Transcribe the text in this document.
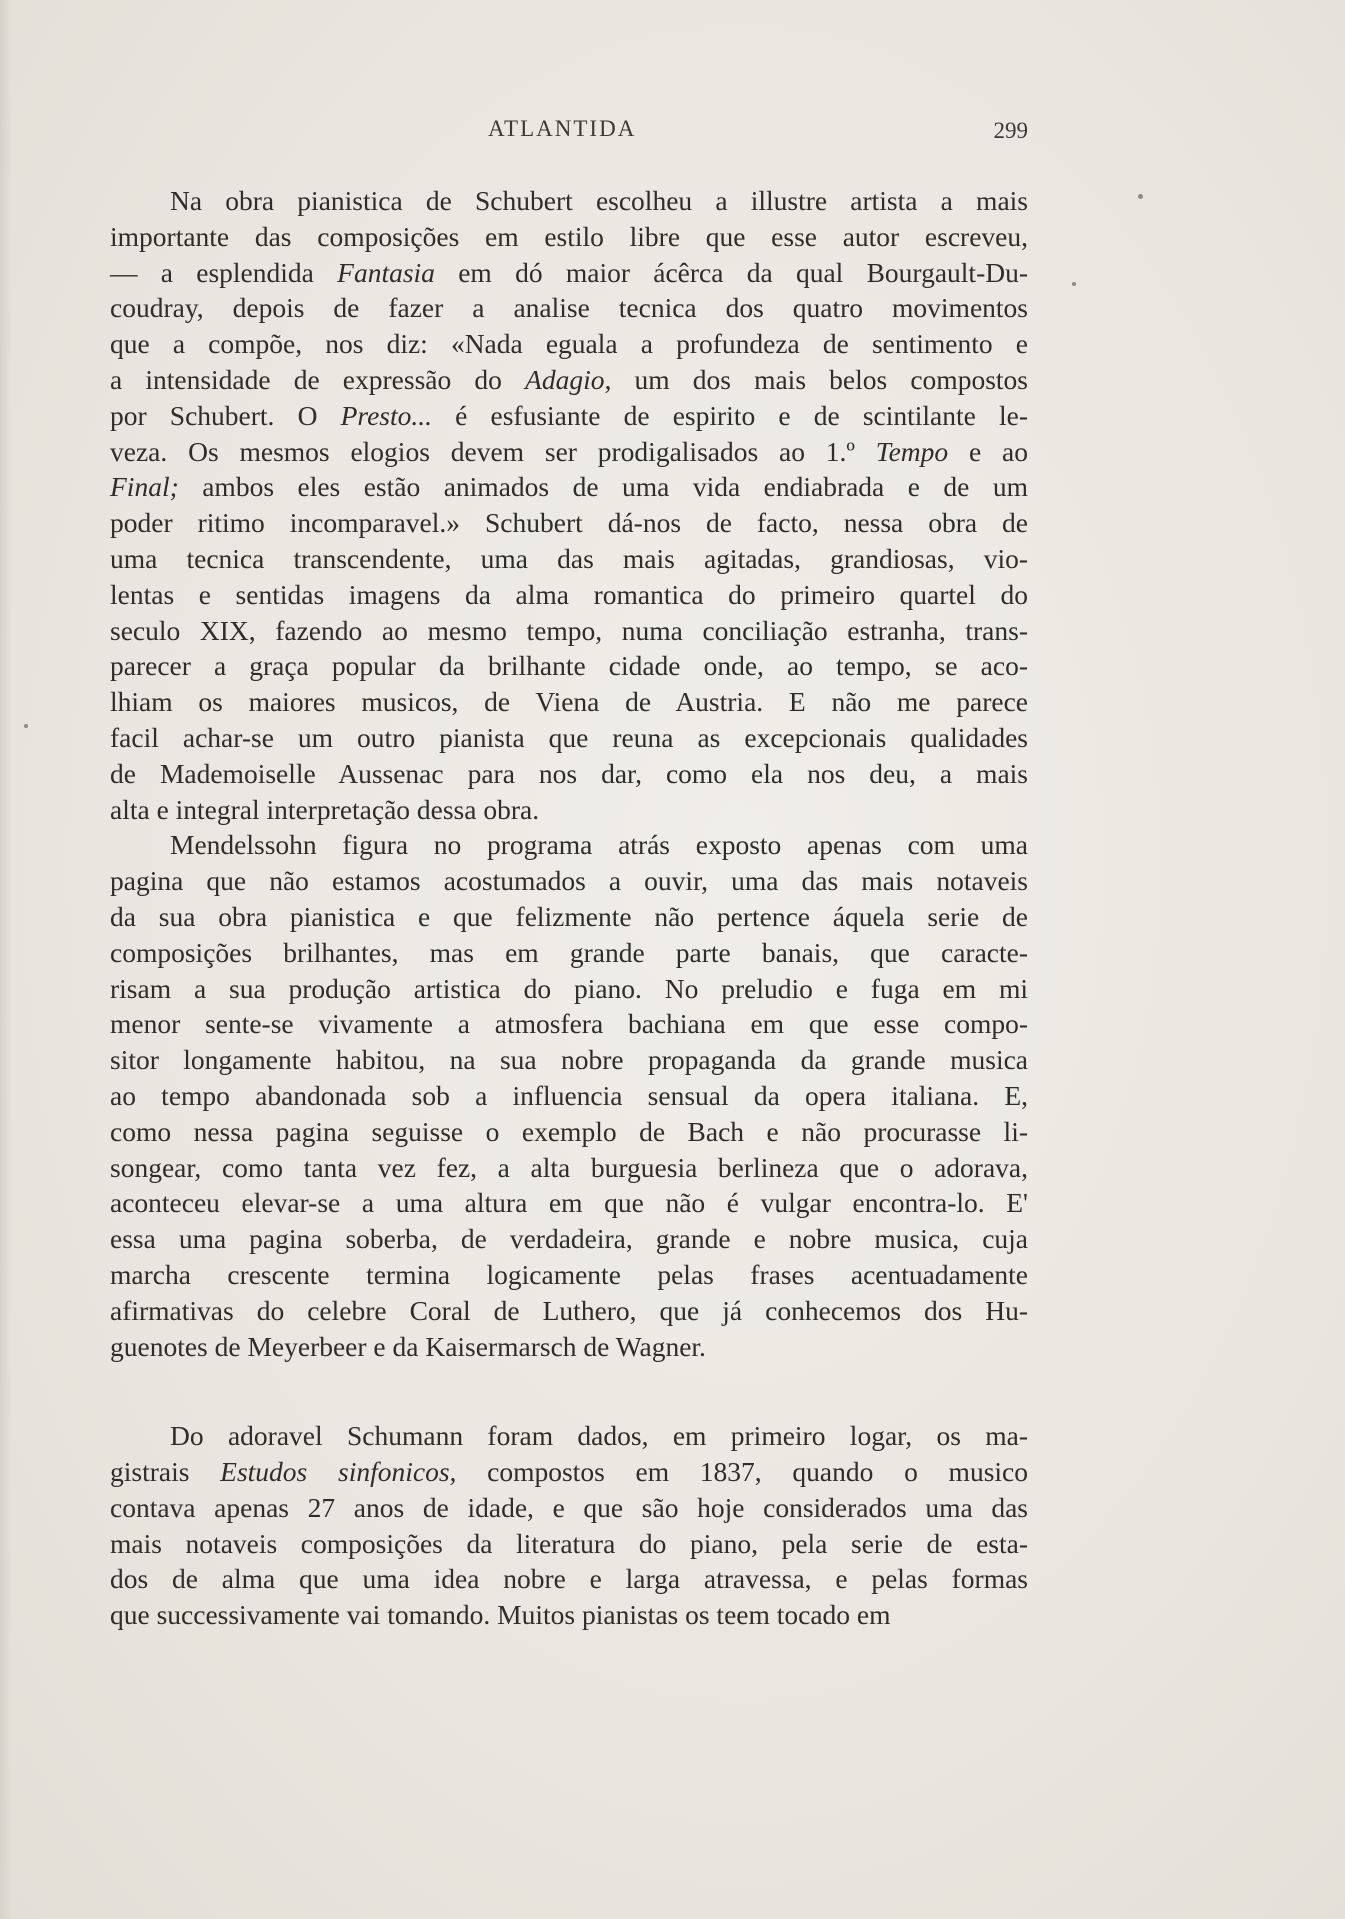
ATLANTIDA	299
Na obra pianistica de Schubert escolheu a illustre artista a mais
importante das composições em estilo libre que esse autor escreveu,
— a esplendida Fantasia em dó maior ácêrca da qual Bourgault-Du-
coudray, depois de fazer a analise tecnica dos quatro movimentos
que a compõe, nos diz: «Nada eguala a profundeza de sentimento e
a intensidade de expressão do Adagio, um dos mais belos compostos
por Schubert. O Presto... é esfusiante de espirito e de scintilante le-
veza. Os mesmos elogios devem ser prodigalisados ao 1.º Tempo e ao
Final; ambos eles estão animados de uma vida endiabrada e de um
poder ritimo incomparavel.» Schubert dá-nos de facto, nessa obra de
uma tecnica transcendente, uma das mais agitadas, grandiosas, vio-
lentas e sentidas imagens da alma romantica do primeiro quartel do
seculo XIX, fazendo ao mesmo tempo, numa conciliação estranha, trans-
parecer a graça popular da brilhante cidade onde, ao tempo, se aco-
lhiam os maiores musicos, de Viena de Austria. E não me parece
facil achar-se um outro pianista que reuna as excepcionais qualidades
de Mademoiselle Aussenac para nos dar, como ela nos deu, a mais
alta e integral interpretação dessa obra.
Mendelssohn figura no programa atrás exposto apenas com uma
pagina que não estamos acostumados a ouvir, uma das mais notaveis
da sua obra pianistica e que felizmente não pertence áquela serie de
composições brilhantes, mas em grande parte banais, que caracte-
risam a sua produção artistica do piano. No preludio e fuga em mi
menor sente-se vivamente a atmosfera bachiana em que esse compo-
sitor longamente habitou, na sua nobre propaganda da grande musica
ao tempo abandonada sob a influencia sensual da opera italiana. E,
como nessa pagina seguisse o exemplo de Bach e não procurasse li-
songear, como tanta vez fez, a alta burguesia berlineza que o adorava,
aconteceu elevar-se a uma altura em que não é vulgar encontra-lo. E'
essa uma pagina soberba, de verdadeira, grande e nobre musica, cuja
marcha crescente termina logicamente pelas frases acentuadamente
afirmativas do celebre Coral de Luthero, que já conhecemos dos Hu-
guenotes de Meyerbeer e da Kaisermarsch de Wagner.
Do adoravel Schumann foram dados, em primeiro logar, os ma-
gistrais Estudos sinfonicos, compostos em 1837, quando o musico
contava apenas 27 anos de idade, e que são hoje considerados uma das
mais notaveis composições da literatura do piano, pela serie de esta-
dos de alma que uma idea nobre e larga atravessa, e pelas formas
que successivamente vai tomando. Muitos pianistas os teem tocado em
